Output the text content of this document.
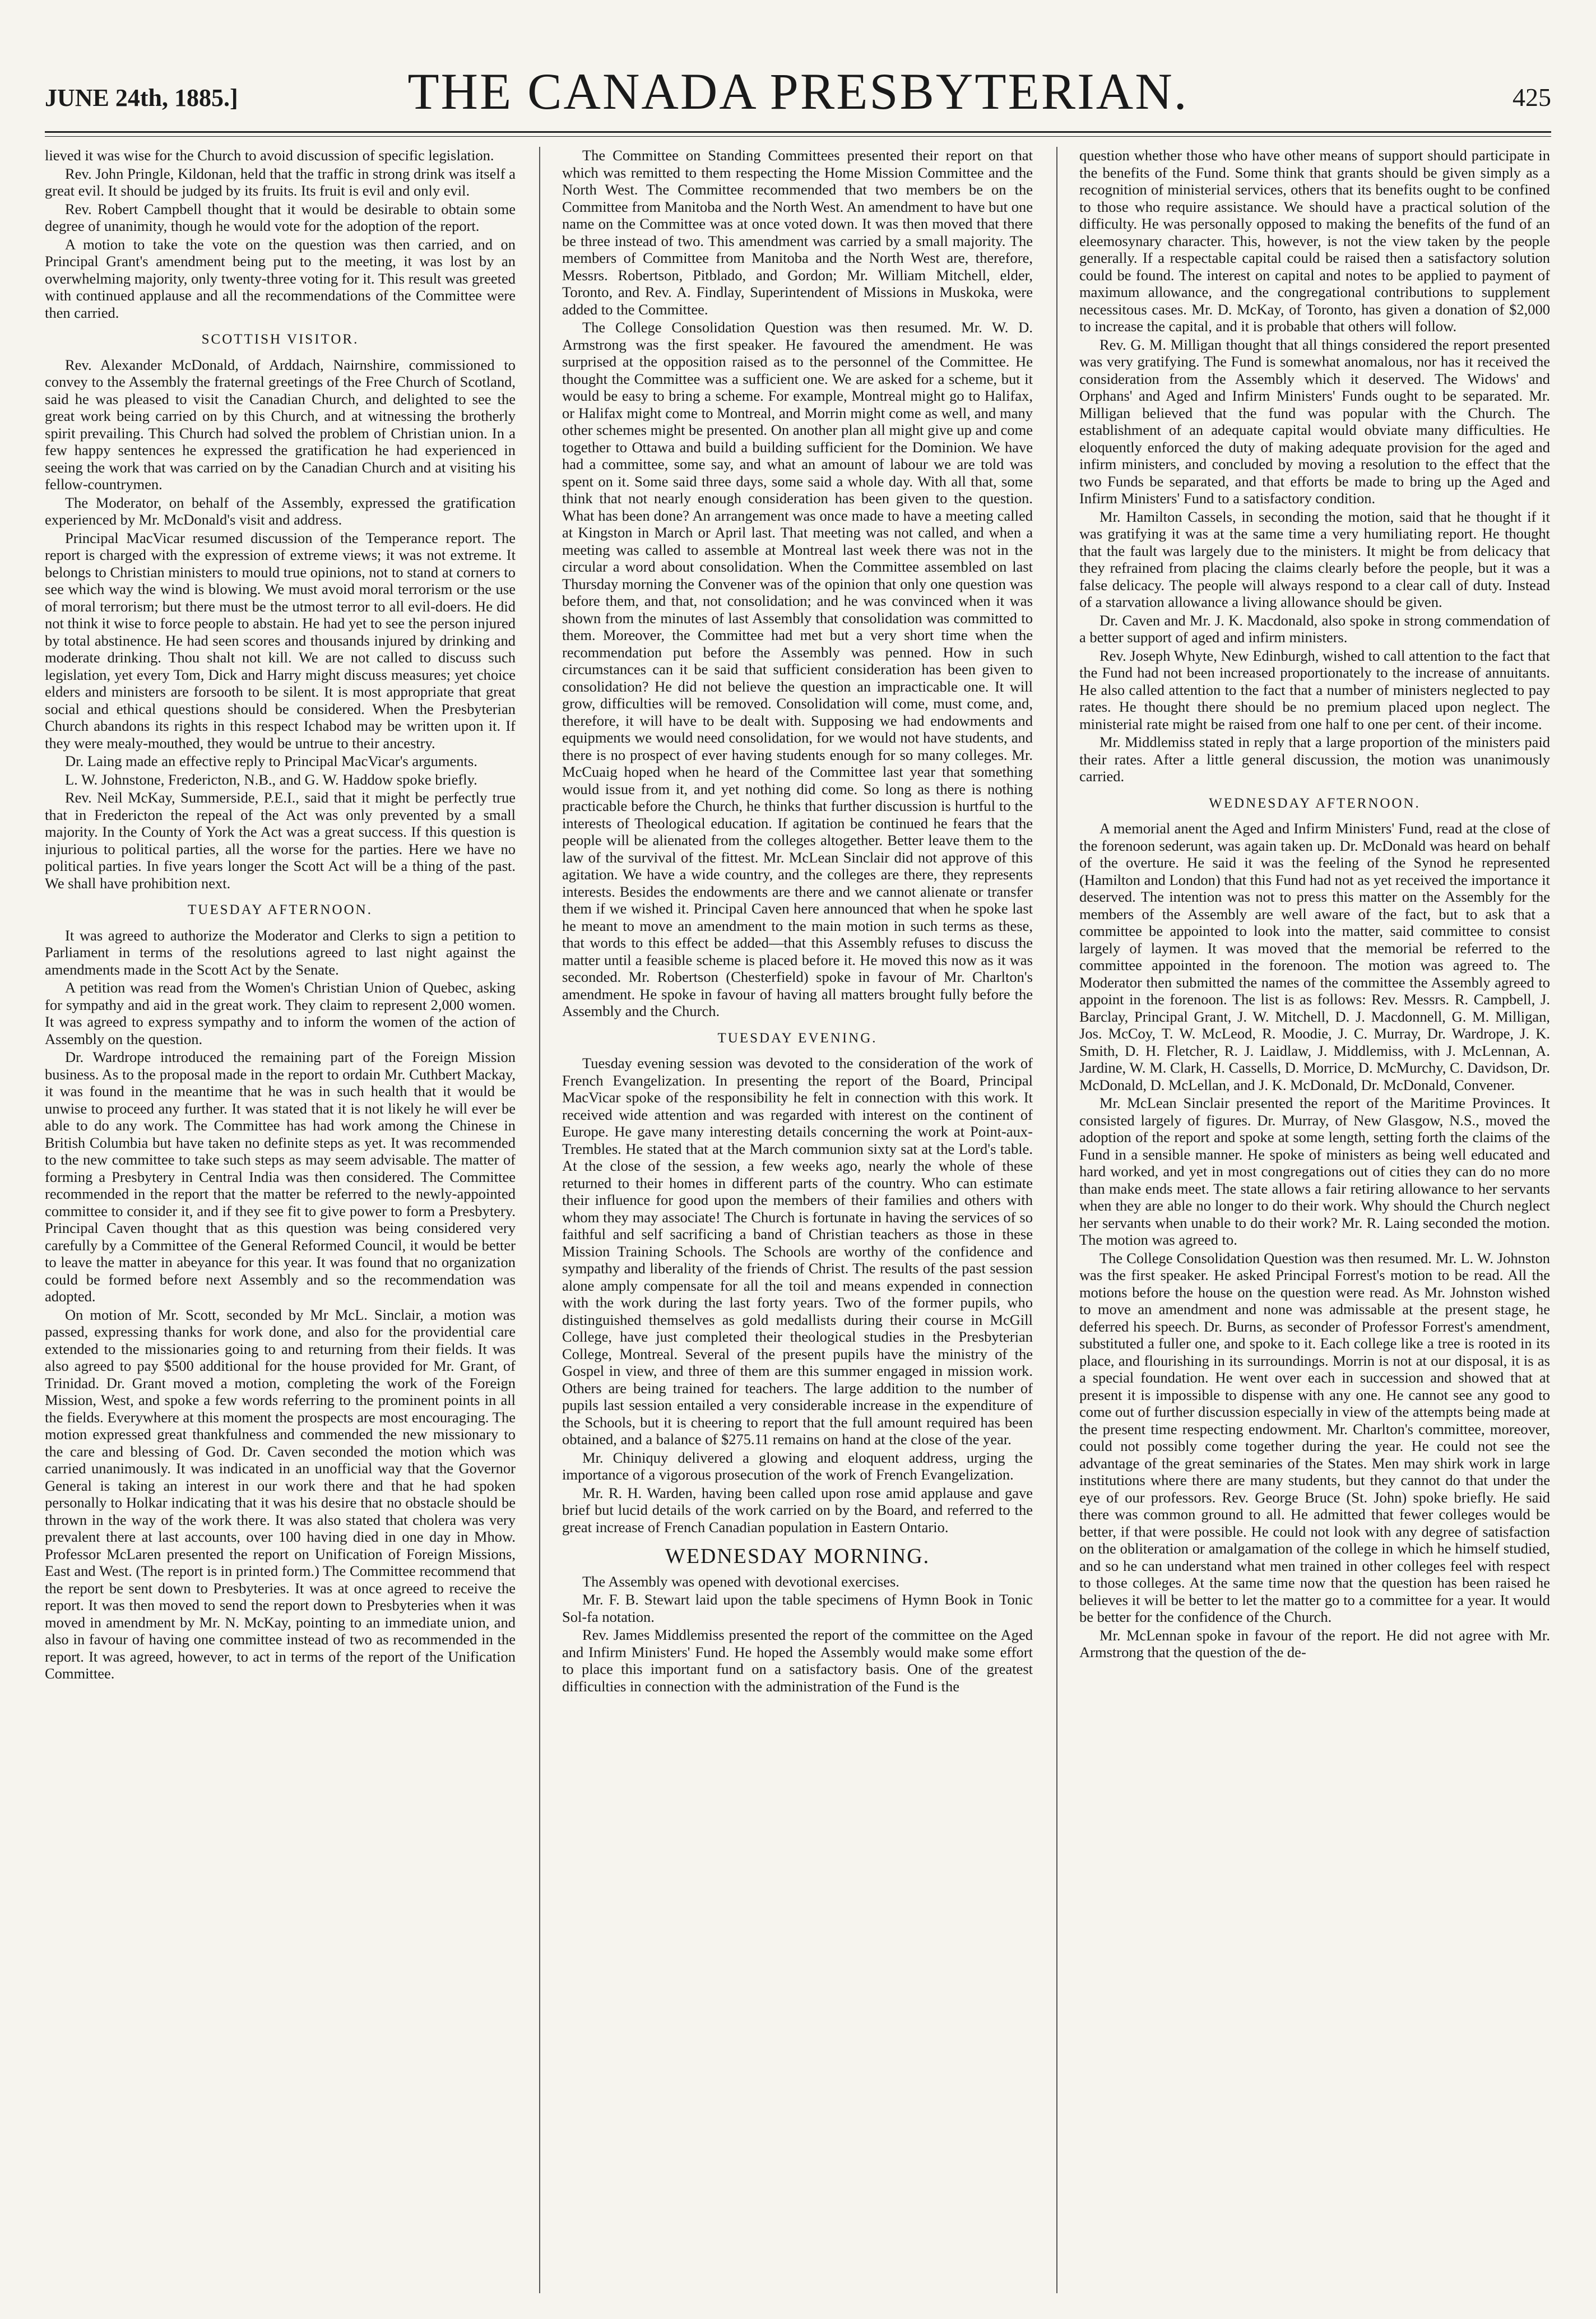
JUNE 24th, 1885.]	THE CANADA PRESBYTERIAN.	425

lieved it was wise for the Church to avoid discussion of specific legislation.

Rev. John Pringle, Kildonan, held that the traffic in strong drink was itself a great evil. It should be judged by its fruits. Its fruit is evil and only evil.

Rev. Robert Campbell thought that it would be desirable to obtain some degree of unanimity, though he would vote for the adoption of the report.

A motion to take the vote on the question was then carried, and on Principal Grant's amendment being put to the meeting, it was lost by an overwhelming majority, only twenty-three voting for it. This result was greeted with continued applause and all the recommendations of the Committee were then carried.

SCOTTISH VISITOR.

Rev. Alexander McDonald, of Arddach, Nairnshire, commissioned to convey to the Assembly the fraternal greetings of the Free Church of Scotland, said he was pleased to visit the Canadian Church, and delighted to see the great work being carried on by this Church, and at witnessing the brotherly spirit prevailing. This Church had solved the problem of Christian union. In a few happy sentences he expressed the gratification he had experienced in seeing the work that was carried on by the Canadian Church and at visiting his fellow-countrymen.

The Moderator, on behalf of the Assembly, expressed the gratification experienced by Mr. McDonald's visit and address.

Principal MacVicar resumed discussion of the Temperance report. The report is charged with the expression of extreme views; it was not extreme. It belongs to Christian ministers to mould true opinions, not to stand at corners to see which way the wind is blowing. We must avoid moral terrorism or the use of moral terrorism; but there must be the utmost terror to all evil-doers. He did not think it wise to force people to abstain. He had yet to see the person injured by total abstinence. He had seen scores and thousands injured by drinking and moderate drinking. Thou shalt not kill. We are not called to discuss such legislation, yet every Tom, Dick and Harry might discuss measures; yet choice elders and ministers are forsooth to be silent. It is most appropriate that great social and ethical questions should be considered. When the Presbyterian Church abandons its rights in this respect Ichabod may be written upon it. If they were mealy-mouthed, they would be untrue to their ancestry.

Dr. Laing made an effective reply to Principal MacVicar's arguments.

L. W. Johnstone, Fredericton, N.B., and G. W. Haddow spoke briefly.

Rev. Neil McKay, Summerside, P.E.I., said that it might be perfectly true that in Fredericton the repeal of the Act was only prevented by a small majority. In the County of York the Act was a great success. If this question is injurious to political parties, all the worse for the parties. Here we have no political parties. In five years longer the Scott Act will be a thing of the past. We shall have prohibition next.

TUESDAY AFTERNOON.

It was agreed to authorize the Moderator and Clerks to sign a petition to Parliament in terms of the resolutions agreed to last night against the amendments made in the Scott Act by the Senate.

A petition was read from the Women's Christian Union of Quebec, asking for sympathy and aid in the great work. They claim to represent 2,000 women. It was agreed to express sympathy and to inform the women of the action of Assembly on the question.

Dr. Wardrope introduced the remaining part of the Foreign Mission business. As to the proposal made in the report to ordain Mr. Cuthbert Mackay, it was found in the meantime that he was in such health that it would be unwise to proceed any further. It was stated that it is not likely he will ever be able to do any work. The Committee has had work among the Chinese in British Columbia but have taken no definite steps as yet. It was recommended to the new committee to take such steps as may seem advisable. The matter of forming a Presbytery in Central India was then considered. The Committee recommended in the report that the matter be referred to the newly-appointed committee to consider it, and if they see fit to give power to form a Presbytery. Principal Caven thought that as this question was being considered very carefully by a Committee of the General Reformed Council, it would be better to leave the matter in abeyance for this year. It was found that no organization could be formed before next Assembly and so the recommendation was adopted.

On motion of Mr. Scott, seconded by Mr McL. Sinclair, a motion was passed, expressing thanks for work done, and also for the providential care extended to the missionaries going to and returning from their fields. It was also agreed to pay $500 additional for the house provided for Mr. Grant, of Trinidad. Dr. Grant moved a motion, completing the work of the Foreign Mission, West, and spoke a few words referring to the prominent points in all the fields. Everywhere at this moment the prospects are most encouraging. The motion expressed great thankfulness and commended the new missionary to the care and blessing of God. Dr. Caven seconded the motion which was carried unanimously. It was indicated in an unofficial way that the Governor General is taking an interest in our work there and that he had spoken personally to Holkar indicating that it was his desire that no obstacle should be thrown in the way of the work there. It was also stated that cholera was very prevalent there at last accounts, over 100 having died in one day in Mhow. Professor McLaren presented the report on Unification of Foreign Missions, East and West. (The report is in printed form.) The Committee recommend that the report be sent down to Presbyteries. It was at once agreed to receive the report. It was then moved to send the report down to Presbyteries when it was moved in amendment by Mr. N. McKay, pointing to an immediate union, and also in favour of having one committee instead of two as recommended in the report. It was agreed, however, to act in terms of the report of the Unification Committee.

The Committee on Standing Committees presented their report on that which was remitted to them respecting the Home Mission Committee and the North West. The Committee recommended that two members be on the Committee from Manitoba and the North West. An amendment to have but one name on the Committee was at once voted down. It was then moved that there be three instead of two. This amendment was carried by a small majority. The members of Committee from Manitoba and the North West are, therefore, Messrs. Robertson, Pitblado, and Gordon; Mr. William Mitchell, elder, Toronto, and Rev. A. Findlay, Superintendent of Missions in Muskoka, were added to the Committee.

The College Consolidation Question was then resumed. Mr. W. D. Armstrong was the first speaker. He favoured the amendment. He was surprised at the opposition raised as to the personnel of the Committee. He thought the Committee was a sufficient one. We are asked for a scheme, but it would be easy to bring a scheme. For example, Montreal might go to Halifax, or Halifax might come to Montreal, and Morrin might come as well, and many other schemes might be presented. On another plan all might give up and come together to Ottawa and build a building sufficient for the Dominion. We have had a committee, some say, and what an amount of labour we are told was spent on it. Some said three days, some said a whole day. With all that, some think that not nearly enough consideration has been given to the question. What has been done? An arrangement was once made to have a meeting called at Kingston in March or April last. That meeting was not called, and when a meeting was called to assemble at Montreal last week there was not in the circular a word about consolidation. When the Committee assembled on last Thursday morning the Convener was of the opinion that only one question was before them, and that, not consolidation; and he was convinced when it was shown from the minutes of last Assembly that consolidation was committed to them. Moreover, the Committee had met but a very short time when the recommendation put before the Assembly was penned. How in such circumstances can it be said that sufficient consideration has been given to consolidation? He did not believe the question an impracticable one. It will grow, difficulties will be removed. Consolidation will come, must come, and, therefore, it will have to be dealt with. Supposing we had endowments and equipments we would need consolidation, for we would not have students, and there is no prospect of ever having students enough for so many colleges. Mr. McCuaig hoped when he heard of the Committee last year that something would issue from it, and yet nothing did come. So long as there is nothing practicable before the Church, he thinks that further discussion is hurtful to the interests of Theological education. If agitation be continued he fears that the people will be alienated from the colleges altogether. Better leave them to the law of the survival of the fittest. Mr. McLean Sinclair did not approve of this agitation. We have a wide country, and the colleges are there, they represents interests. Besides the endowments are there and we cannot alienate or transfer them if we wished it. Principal Caven here announced that when he spoke last he meant to move an amendment to the main motion in such terms as these, that words to this effect be added—that this Assembly refuses to discuss the matter until a feasible scheme is placed before it. He moved this now as it was seconded. Mr. Robertson (Chesterfield) spoke in favour of Mr. Charlton's amendment. He spoke in favour of having all matters brought fully before the Assembly and the Church.

TUESDAY EVENING.

Tuesday evening session was devoted to the consideration of the work of French Evangelization. In presenting the report of the Board, Principal MacVicar spoke of the responsibility he felt in connection with this work. It received wide attention and was regarded with interest on the continent of Europe. He gave many interesting details concerning the work at Point-aux-Trembles. He stated that at the March communion sixty sat at the Lord's table. At the close of the session, a few weeks ago, nearly the whole of these returned to their homes in different parts of the country. Who can estimate their influence for good upon the members of their families and others with whom they may associate! The Church is fortunate in having the services of so faithful and self sacrificing a band of Christian teachers as those in these Mission Training Schools. The Schools are worthy of the confidence and sympathy and liberality of the friends of Christ. The results of the past session alone amply compensate for all the toil and means expended in connection with the work during the last forty years. Two of the former pupils, who distinguished themselves as gold medallists during their course in McGill College, have just completed their theological studies in the Presbyterian College, Montreal. Several of the present pupils have the ministry of the Gospel in view, and three of them are this summer engaged in mission work. Others are being trained for teachers. The large addition to the number of pupils last session entailed a very considerable increase in the expenditure of the Schools, but it is cheering to report that the full amount required has been obtained, and a balance of $275.11 remains on hand at the close of the year.

Mr. Chiniquy delivered a glowing and eloquent address, urging the importance of a vigorous prosecution of the work of French Evangelization.

Mr. R. H. Warden, having been called upon rose amid applause and gave brief but lucid details of the work carried on by the Board, and referred to the great increase of French Canadian population in Eastern Ontario.

WEDNESDAY MORNING.

The Assembly was opened with devotional exercises.

Mr. F. B. Stewart laid upon the table specimens of Hymn Book in Tonic Sol-fa notation.

Rev. James Middlemiss presented the report of the committee on the Aged and Infirm Ministers' Fund. He hoped the Assembly would make some effort to place this important fund on a satisfactory basis. One of the greatest difficulties in connection with the administration of the Fund is the

question whether those who have other means of support should participate in the benefits of the Fund. Some think that grants should be given simply as a recognition of ministerial services, others that its benefits ought to be confined to those who require assistance. We should have a practical solution of the difficulty. He was personally opposed to making the benefits of the fund of an eleemosynary character. This, however, is not the view taken by the people generally. If a respectable capital could be raised then a satisfactory solution could be found. The interest on capital and notes to be applied to payment of maximum allowance, and the congregational contributions to supplement necessitous cases. Mr. D. McKay, of Toronto, has given a donation of $2,000 to increase the capital, and it is probable that others will follow.

Rev. G. M. Milligan thought that all things considered the report presented was very gratifying. The Fund is somewhat anomalous, nor has it received the consideration from the Assembly which it deserved. The Widows' and Orphans' and Aged and Infirm Ministers' Funds ought to be separated. Mr. Milligan believed that the fund was popular with the Church. The establishment of an adequate capital would obviate many difficulties. He eloquently enforced the duty of making adequate provision for the aged and infirm ministers, and concluded by moving a resolution to the effect that the two Funds be separated, and that efforts be made to bring up the Aged and Infirm Ministers' Fund to a satisfactory condition.

Mr. Hamilton Cassels, in seconding the motion, said that he thought if it was gratifying it was at the same time a very humiliating report. He thought that the fault was largely due to the ministers. It might be from delicacy that they refrained from placing the claims clearly before the people, but it was a false delicacy. The people will always respond to a clear call of duty. Instead of a starvation allowance a living allowance should be given.

Dr. Caven and Mr. J. K. Macdonald, also spoke in strong commendation of a better support of aged and infirm ministers.

Rev. Joseph Whyte, New Edinburgh, wished to call attention to the fact that the Fund had not been increased proportionately to the increase of annuitants. He also called attention to the fact that a number of ministers neglected to pay rates. He thought there should be no premium placed upon neglect. The ministerial rate might be raised from one half to one per cent. of their income.

Mr. Middlemiss stated in reply that a large proportion of the ministers paid their rates. After a little general discussion, the motion was unanimously carried.

WEDNESDAY AFTERNOON.

A memorial anent the Aged and Infirm Ministers' Fund, read at the close of the forenoon sederunt, was again taken up. Dr. McDonald was heard on behalf of the overture. He said it was the feeling of the Synod he represented (Hamilton and London) that this Fund had not as yet received the importance it deserved. The intention was not to press this matter on the Assembly for the members of the Assembly are well aware of the fact, but to ask that a committee be appointed to look into the matter, said committee to consist largely of laymen. It was moved that the memorial be referred to the committee appointed in the forenoon. The motion was agreed to. The Moderator then submitted the names of the committee the Assembly agreed to appoint in the forenoon. The list is as follows: Rev. Messrs. R. Campbell, J. Barclay, Principal Grant, J. W. Mitchell, D. J. Macdonnell, G. M. Milligan, Jos. McCoy, T. W. McLeod, R. Moodie, J. C. Murray, Dr. Wardrope, J. K. Smith, D. H. Fletcher, R. J. Laidlaw, J. Middlemiss, with J. McLennan, A. Jardine, W. M. Clark, H. Cassells, D. Morrice, D. McMurchy, C. Davidson, Dr. McDonald, D. McLellan, and J. K. McDonald, Dr. McDonald, Convener.

Mr. McLean Sinclair presented the report of the Maritime Provinces. It consisted largely of figures. Dr. Murray, of New Glasgow, N.S., moved the adoption of the report and spoke at some length, setting forth the claims of the Fund in a sensible manner. He spoke of ministers as being well educated and hard worked, and yet in most congregations out of cities they can do no more than make ends meet. The state allows a fair retiring allowance to her servants when they are able no longer to do their work. Why should the Church neglect her servants when unable to do their work? Mr. R. Laing seconded the motion. The motion was agreed to.

The College Consolidation Question was then resumed. Mr. L. W. Johnston was the first speaker. He asked Principal Forrest's motion to be read. All the motions before the house on the question were read. As Mr. Johnston wished to move an amendment and none was admissable at the present stage, he deferred his speech. Dr. Burns, as seconder of Professor Forrest's amendment, substituted a fuller one, and spoke to it. Each college like a tree is rooted in its place, and flourishing in its surroundings. Morrin is not at our disposal, it is as a special foundation. He went over each in succession and showed that at present it is impossible to dispense with any one. He cannot see any good to come out of further discussion especially in view of the attempts being made at the present time respecting endowment. Mr. Charlton's committee, moreover, could not possibly come together during the year. He could not see the advantage of the great seminaries of the States. Men may shirk work in large institutions where there are many students, but they cannot do that under the eye of our professors. Rev. George Bruce (St. John) spoke briefly. He said there was common ground to all. He admitted that fewer colleges would be better, if that were possible. He could not look with any degree of satisfaction on the obliteration or amalgamation of the college in which he himself studied, and so he can understand what men trained in other colleges feel with respect to those colleges. At the same time now that the question has been raised he believes it will be better to let the matter go to a committee for a year. It would be better for the confidence of the Church.

Mr. McLennan spoke in favour of the report. He did not agree with Mr. Armstrong that the question of the de-
